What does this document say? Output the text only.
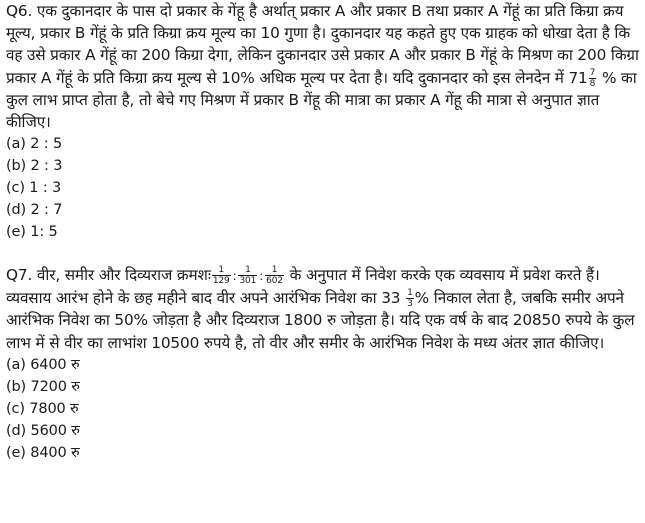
Q6. एक दुकानदार के पास दो प्रकार के गेंहू है अर्थात् प्रकार A और प्रकार B तथा प्रकार A गेंहूं का प्रति किग्रा क्रय मूल्य, प्रकार B गेंहूं के प्रति किग्रा क्रय मूल्य का 10 गुणा है। दुकानदार यह कहते हुए एक ग्राहक को धोखा देता है कि वह उसे प्रकार A गेंहूं का 200 किग्रा देगा, लेकिन दुकानदार उसे प्रकार A और प्रकार B गेंहूं के मिश्रण का 200 किग्रा प्रकार A गेंहूं के प्रति किग्रा क्रय मूल्य से 10% अधिक मूल्य पर देता है। यदि दुकानदार को इस लेनदेन में $71 \frac{7}{8}$ % का कुल लाभ प्राप्त होता है, तो बेचे गए मिश्रण में प्रकार B गेंहू की मात्रा का प्रकार A गेंहू की मात्रा से अनुपात ज्ञात कीजिए।
(a) 2 : 5
(b) 2 : 3
(c) 1 : 3
(d) 2 : 7
(e) 1: 5
Q7. वीर, समीर और दिव्यराज क्रमशः $\frac{1}{129}$ : $\frac{1}{301}$ : $\frac{1}{602}$ के अनुपात में निवेश करके एक व्यवसाय में प्रवेश करते हैं। व्यवसाय आरंभ होने के छह महीने बाद वीर अपने आरंभिक निवेश का $33 \frac{1}{3}$ % निकाल लेता है, जबकि समीर अपने आरंभिक निवेश का 50% जोड़ता है और दिव्यराज 1800 रु जोड़ता है। यदि एक वर्ष के बाद 20850 रुपये के कुल लाभ में से वीर का लाभांश 10500 रुपये है, तो वीर और समीर के आरंभिक निवेश के मध्य अंतर ज्ञात कीजिए।
(a) 6400 रु
(b) 7200 रु
(c) 7800 रु
(d) 5600 रु
(e) 8400 रु
